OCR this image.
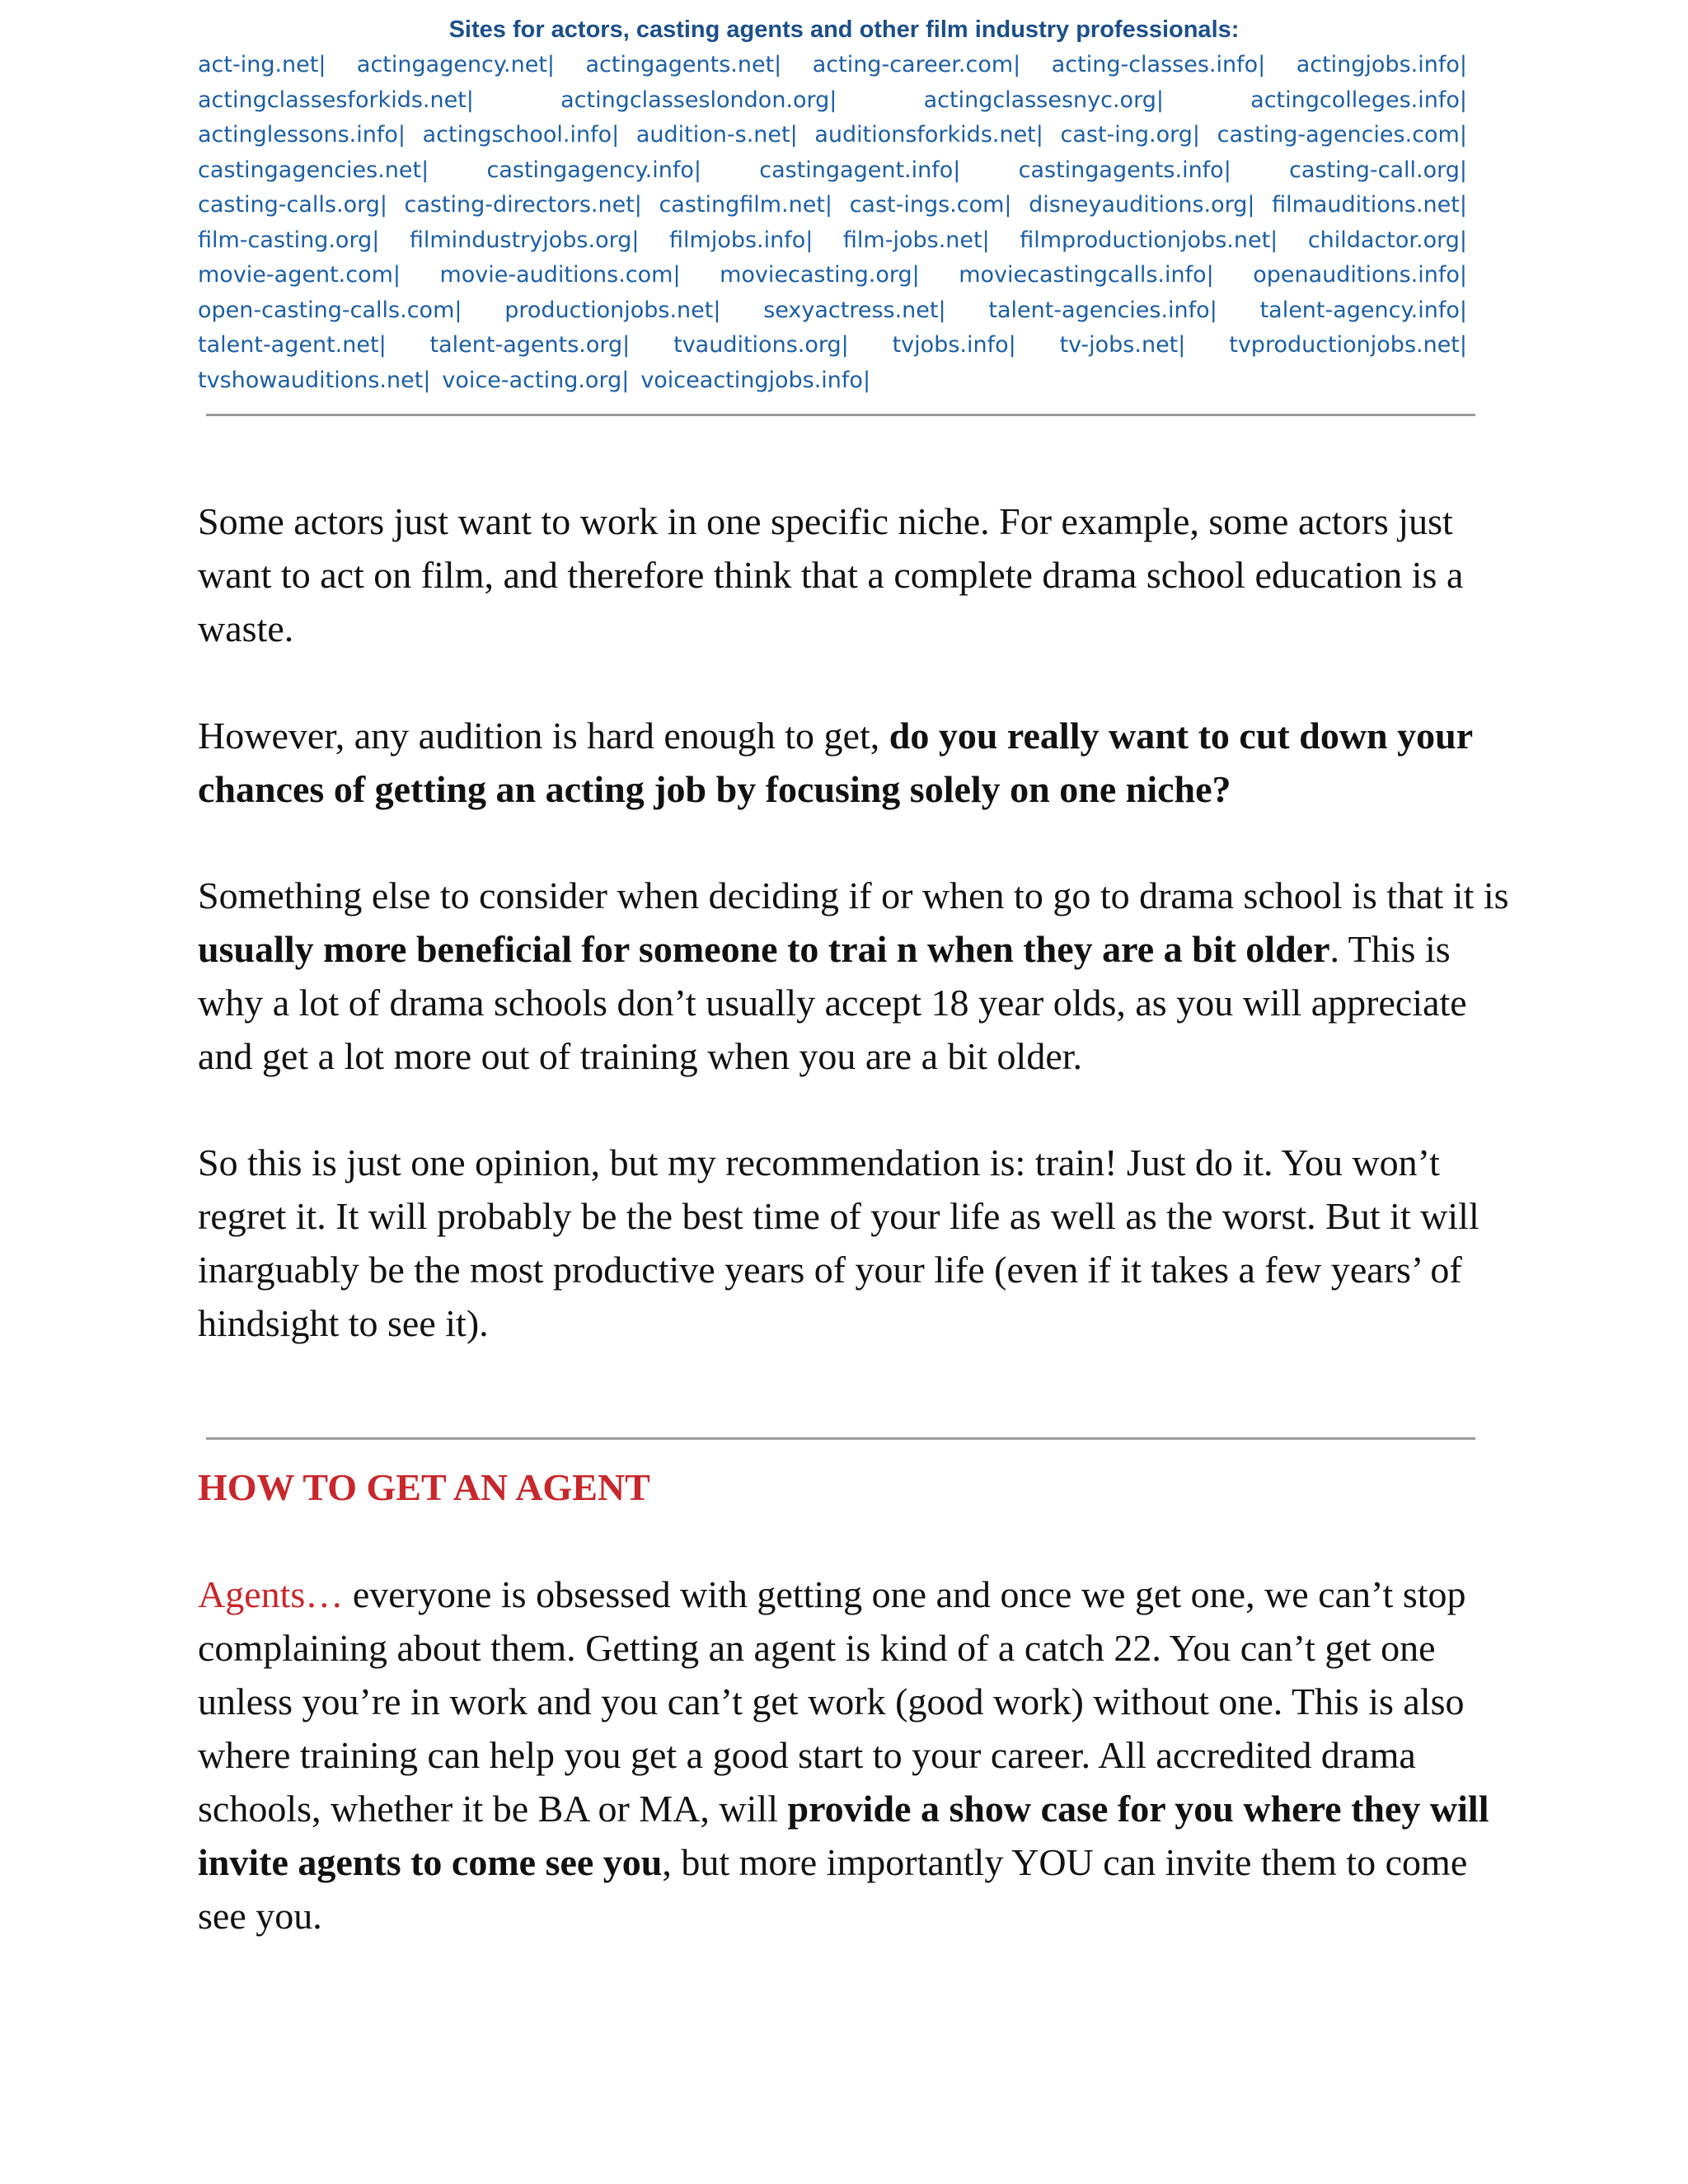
Sites for actors, casting agents and other film industry professionals:
act-ing.net| actingagency.net| actingagents.net| acting-career.com| acting-classes.info| actingjobs.info|
actingclassesforkids.net|	actingclasseslondon.org|	actingclassesnyc.org|	actingcolleges.info|
actinglessons.info| actingschool.info| audition-s.net| auditionsforkids.net| cast-ing.org| casting-agencies.com|
castingagencies.net|	castingagency.info|	castingagent.info|	castingagents.info|	casting-call.org|
casting-calls.org| casting-directors.net| castingfilm.net| cast-ings.com| disneyauditions.org| filmauditions.net|
film-casting.org| filmindustryjobs.org| filmjobs.info| film-jobs.net| filmproductionjobs.net| childactor.org|
movie-agent.com| movie-auditions.com| moviecasting.org| moviecastingcalls.info| openauditions.info|
open-casting-calls.com| productionjobs.net| sexyactress.net| talent-agencies.info| talent-agency.info|
talent-agent.net| talent-agents.org| tvauditions.org| tvjobs.info| tv-jobs.net| tvproductionjobs.net|
tvshowauditions.net| voice-acting.org| voiceactingjobs.info|

Some actors just want to work in one specific niche. For example, some actors just want to act on film, and therefore think that a complete drama school education is a waste.

However, any audition is hard enough to get, do you really want to cut down your chances of getting an acting job by focusing solely on one niche?

Something else to consider when deciding if or when to go to drama school is that it is usually more beneficial for someone to trai n when they are a bit older. This is why a lot of drama schools don’t usually accept 18 year olds, as you will appreciate and get a lot more out of training when you are a bit older.

So this is just one opinion, but my recommendation is: train! Just do it. You won’t regret it. It will probably be the best time of your life as well as the worst. But it will inarguably be the most productive years of your life (even if it takes a few years’ of hindsight to see it).

HOW TO GET AN AGENT

Agents… everyone is obsessed with getting one and once we get one, we can’t stop complaining about them. Getting an agent is kind of a catch 22. You can’t get one unless you’re in work and you can’t get work (good work) without one. This is also where training can help you get a good start to your career. All accredited drama schools, whether it be BA or MA, will provide a show case for you where they will invite agents to come see you, but more importantly YOU can invite them to come see you.
